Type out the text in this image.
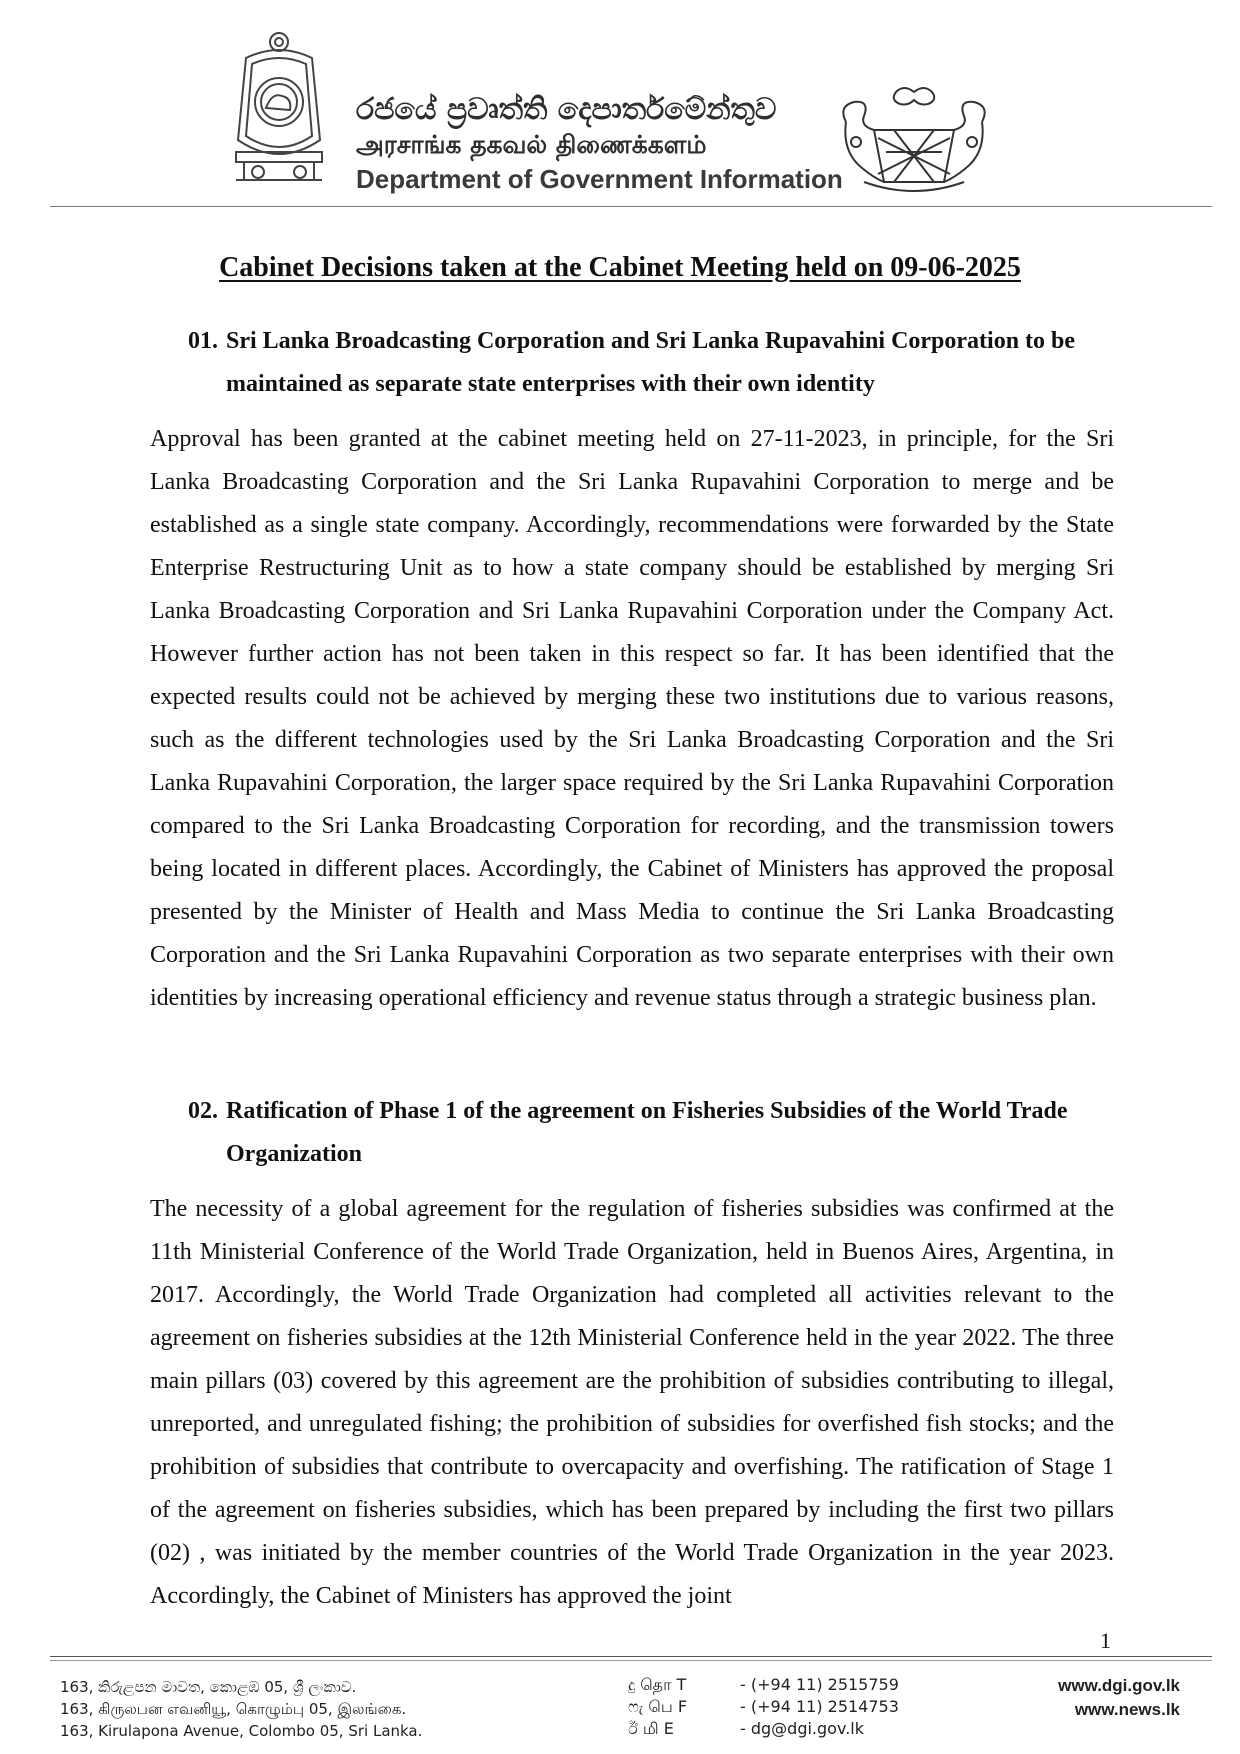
රජයේ ප්‍රවෘත්ති දෙපාර්තමේන්තුව
அரசாங்க தகவல் திணைக்களம்
Department of Government Information
Cabinet Decisions taken at the Cabinet Meeting held on 09-06-2025
01. Sri Lanka Broadcasting Corporation and Sri Lanka Rupavahini Corporation to be maintained as separate state enterprises with their own identity
Approval has been granted at the cabinet meeting held on 27-11-2023, in principle, for the Sri Lanka Broadcasting Corporation and the Sri Lanka Rupavahini Corporation to merge and be established as a single state company. Accordingly, recommendations were forwarded by the State Enterprise Restructuring Unit as to how a state company should be established by merging Sri Lanka Broadcasting Corporation and Sri Lanka Rupavahini Corporation under the Company Act. However further action has not been taken in this respect so far. It has been identified that the expected results could not be achieved by merging these two institutions due to various reasons, such as the different technologies used by the Sri Lanka Broadcasting Corporation and the Sri Lanka Rupavahini Corporation, the larger space required by the Sri Lanka Rupavahini Corporation compared to the Sri Lanka Broadcasting Corporation for recording, and the transmission towers being located in different places. Accordingly, the Cabinet of Ministers has approved the proposal presented by the Minister of Health and Mass Media to continue the Sri Lanka Broadcasting Corporation and the Sri Lanka Rupavahini Corporation as two separate enterprises with their own identities by increasing operational efficiency and revenue status through a strategic business plan.
02. Ratification of Phase 1 of the agreement on Fisheries Subsidies of the World Trade Organization
The necessity of a global agreement for the regulation of fisheries subsidies was confirmed at the 11th Ministerial Conference of the World Trade Organization, held in Buenos Aires, Argentina, in 2017. Accordingly, the World Trade Organization had completed all activities relevant to the agreement on fisheries subsidies at the 12th Ministerial Conference held in the year 2022. The three main pillars (03) covered by this agreement are the prohibition of subsidies contributing to illegal, unreported, and unregulated fishing; the prohibition of subsidies for overfished fish stocks; and the prohibition of subsidies that contribute to overcapacity and overfishing. The ratification of Stage 1 of the agreement on fisheries subsidies, which has been prepared by including the first two pillars (02) , was initiated by the member countries of the World Trade Organization in the year 2023. Accordingly, the Cabinet of Ministers has approved the joint
1
163, කිරුළපන මාවත, කොළඹ 05, ශ්‍රී ලංකාව.
163, கிருலபன எவனியூ, கொழும்பு 05, இலங்கை.
163, Kirulapona Avenue, Colombo 05, Sri Lanka.
දු தொ T	- (+94 11) 2515759
ෆැ பெ F	- (+94 11) 2514753
ඊ மி E	- dg@dgi.gov.lk
www.dgi.gov.lk
www.news.lk
